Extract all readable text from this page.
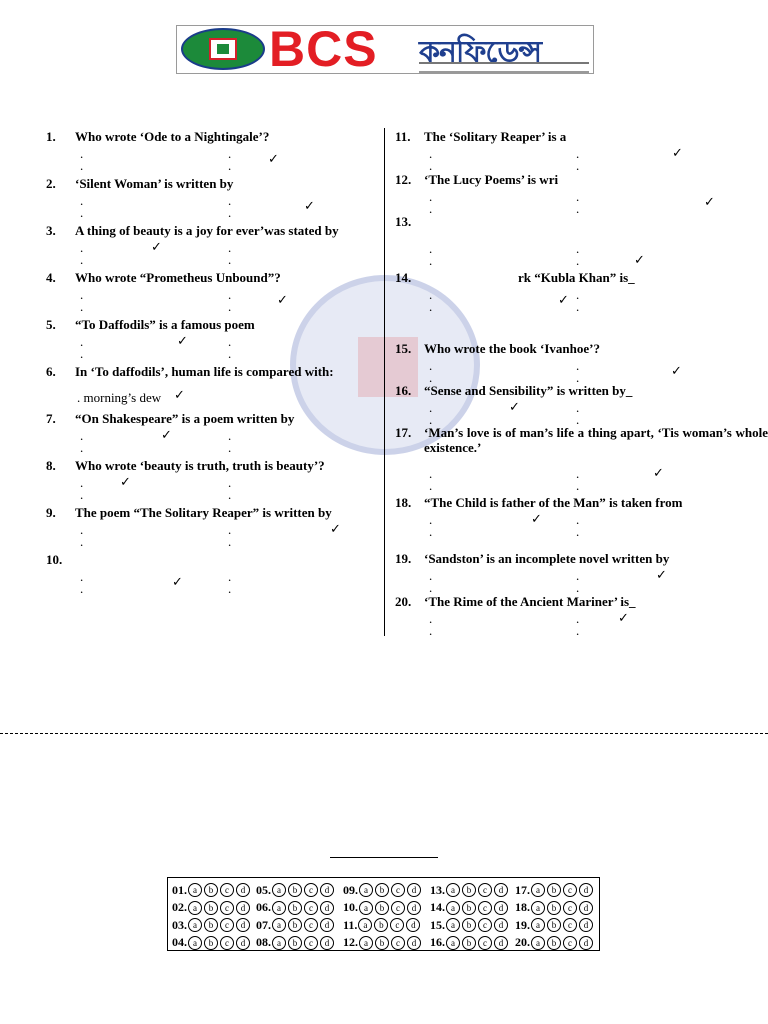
BCS কনফিডেন্স
1. Who wrote ‘Ode to a Nightingale’?
.
.
.
.	✓
2. ‘Silent Woman’ is written by
.
.
.
.	✓
3. A thing of beauty is a joy for ever’was stated by
.
.
.
.
✓
4. Who wrote “Prometheus Unbound”?
.
.
.
.	✓
5. “To Daffodils” is a famous poem
.
.
.
.
✓
6. In ‘To daffodils’, human life is compared with:
. morning’s dew ✓
7. “On Shakespeare” is a poem written by
.
.
.
.
✓
8. Who wrote ‘beauty is truth, truth is beauty’?
.
.
.
.
✓
9. The poem “The Solitary Reaper” is written by
.
.
.
.
✓
10.
.
.
.
.
✓
11. The ‘Solitary Reaper’ is a
.
.
.
.
✓
12. ‘The Lucy Poems’ is wri
.
.
.
.	✓
13.
.
.
.
.	✓
14.	rk “Kubla Khan” is_
.
.
.
.
✓
15. Who wrote the book ‘Ivanhoe’?
.
.
.
.	✓
16. “Sense and Sensibility” is written by_
.
.
.
.
✓
17. ‘Man’s love is of man’s life a thing apart, ‘Tis woman’s whole existence.’
.
.
.
.
✓
18. “The Child is father of the Man” is taken from
.
.
.
.
✓
19. ‘Sandston’ is an incomplete novel written by
.
.
.
.
✓
20. ‘The Rime of the Ancient Mariner’ is_
.
.
.
.
✓
01. a	b	c	d 05. a	b	c	d	09. a	b	c	d	13. a	b	c	d 17. a	b	c	d
02. a	b	c	d 06. a	b	c	d	10. a	b	c	d	14. a	b	c	d 18. a	b	c	d
03. a	b	c	d 07. a	b	c	d	11. a	b	c	d	15. a	b	c	d 19. a	b	c	d
04. a	b	c	d 08. a	b	c	d	12. a	b	c	d	16. a	b	c	d 20. a	b	c	d
